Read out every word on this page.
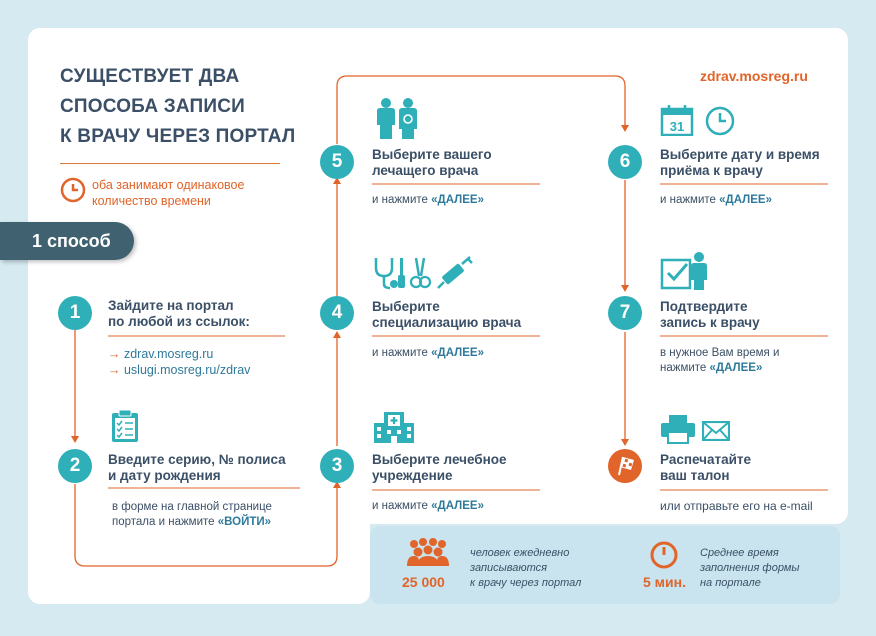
СУЩЕСТВУЕТ ДВА
СПОСОБА ЗАПИСИ
К ВРАЧУ ЧЕРЕЗ ПОРТАЛ
zdrav.mosreg.ru
оба занимают одинаковое
количество времени
1 способ
1	Зайдите на портал
по любой из ссылок:
→ zdrav.mosreg.ru
→ uslugi.mosreg.ru/zdrav
2	Введите серию, № полиса
и дату рождения
в форме на главной странице
портала и нажмите «ВОЙТИ»
3	Выберите лечебное
учреждение
и нажмите «ДАЛЕЕ»
4	Выберите
специализацию врача
и нажмите «ДАЛЕЕ»
5	Выберите вашего
лечащего врача
и нажмите «ДАЛЕЕ»
31
6	Выберите дату и время
приёма к врачу
и нажмите «ДАЛЕЕ»
7	Подтвердите
запись к врачу
в нужное Вам время и
нажмите «ДАЛЕЕ»
Распечатайте
ваш талон
или отправьте его на e-mail
25 000
человек ежедневно
записываются
к врачу через портал	5 мин.
Среднее время
заполнения формы
на портале
